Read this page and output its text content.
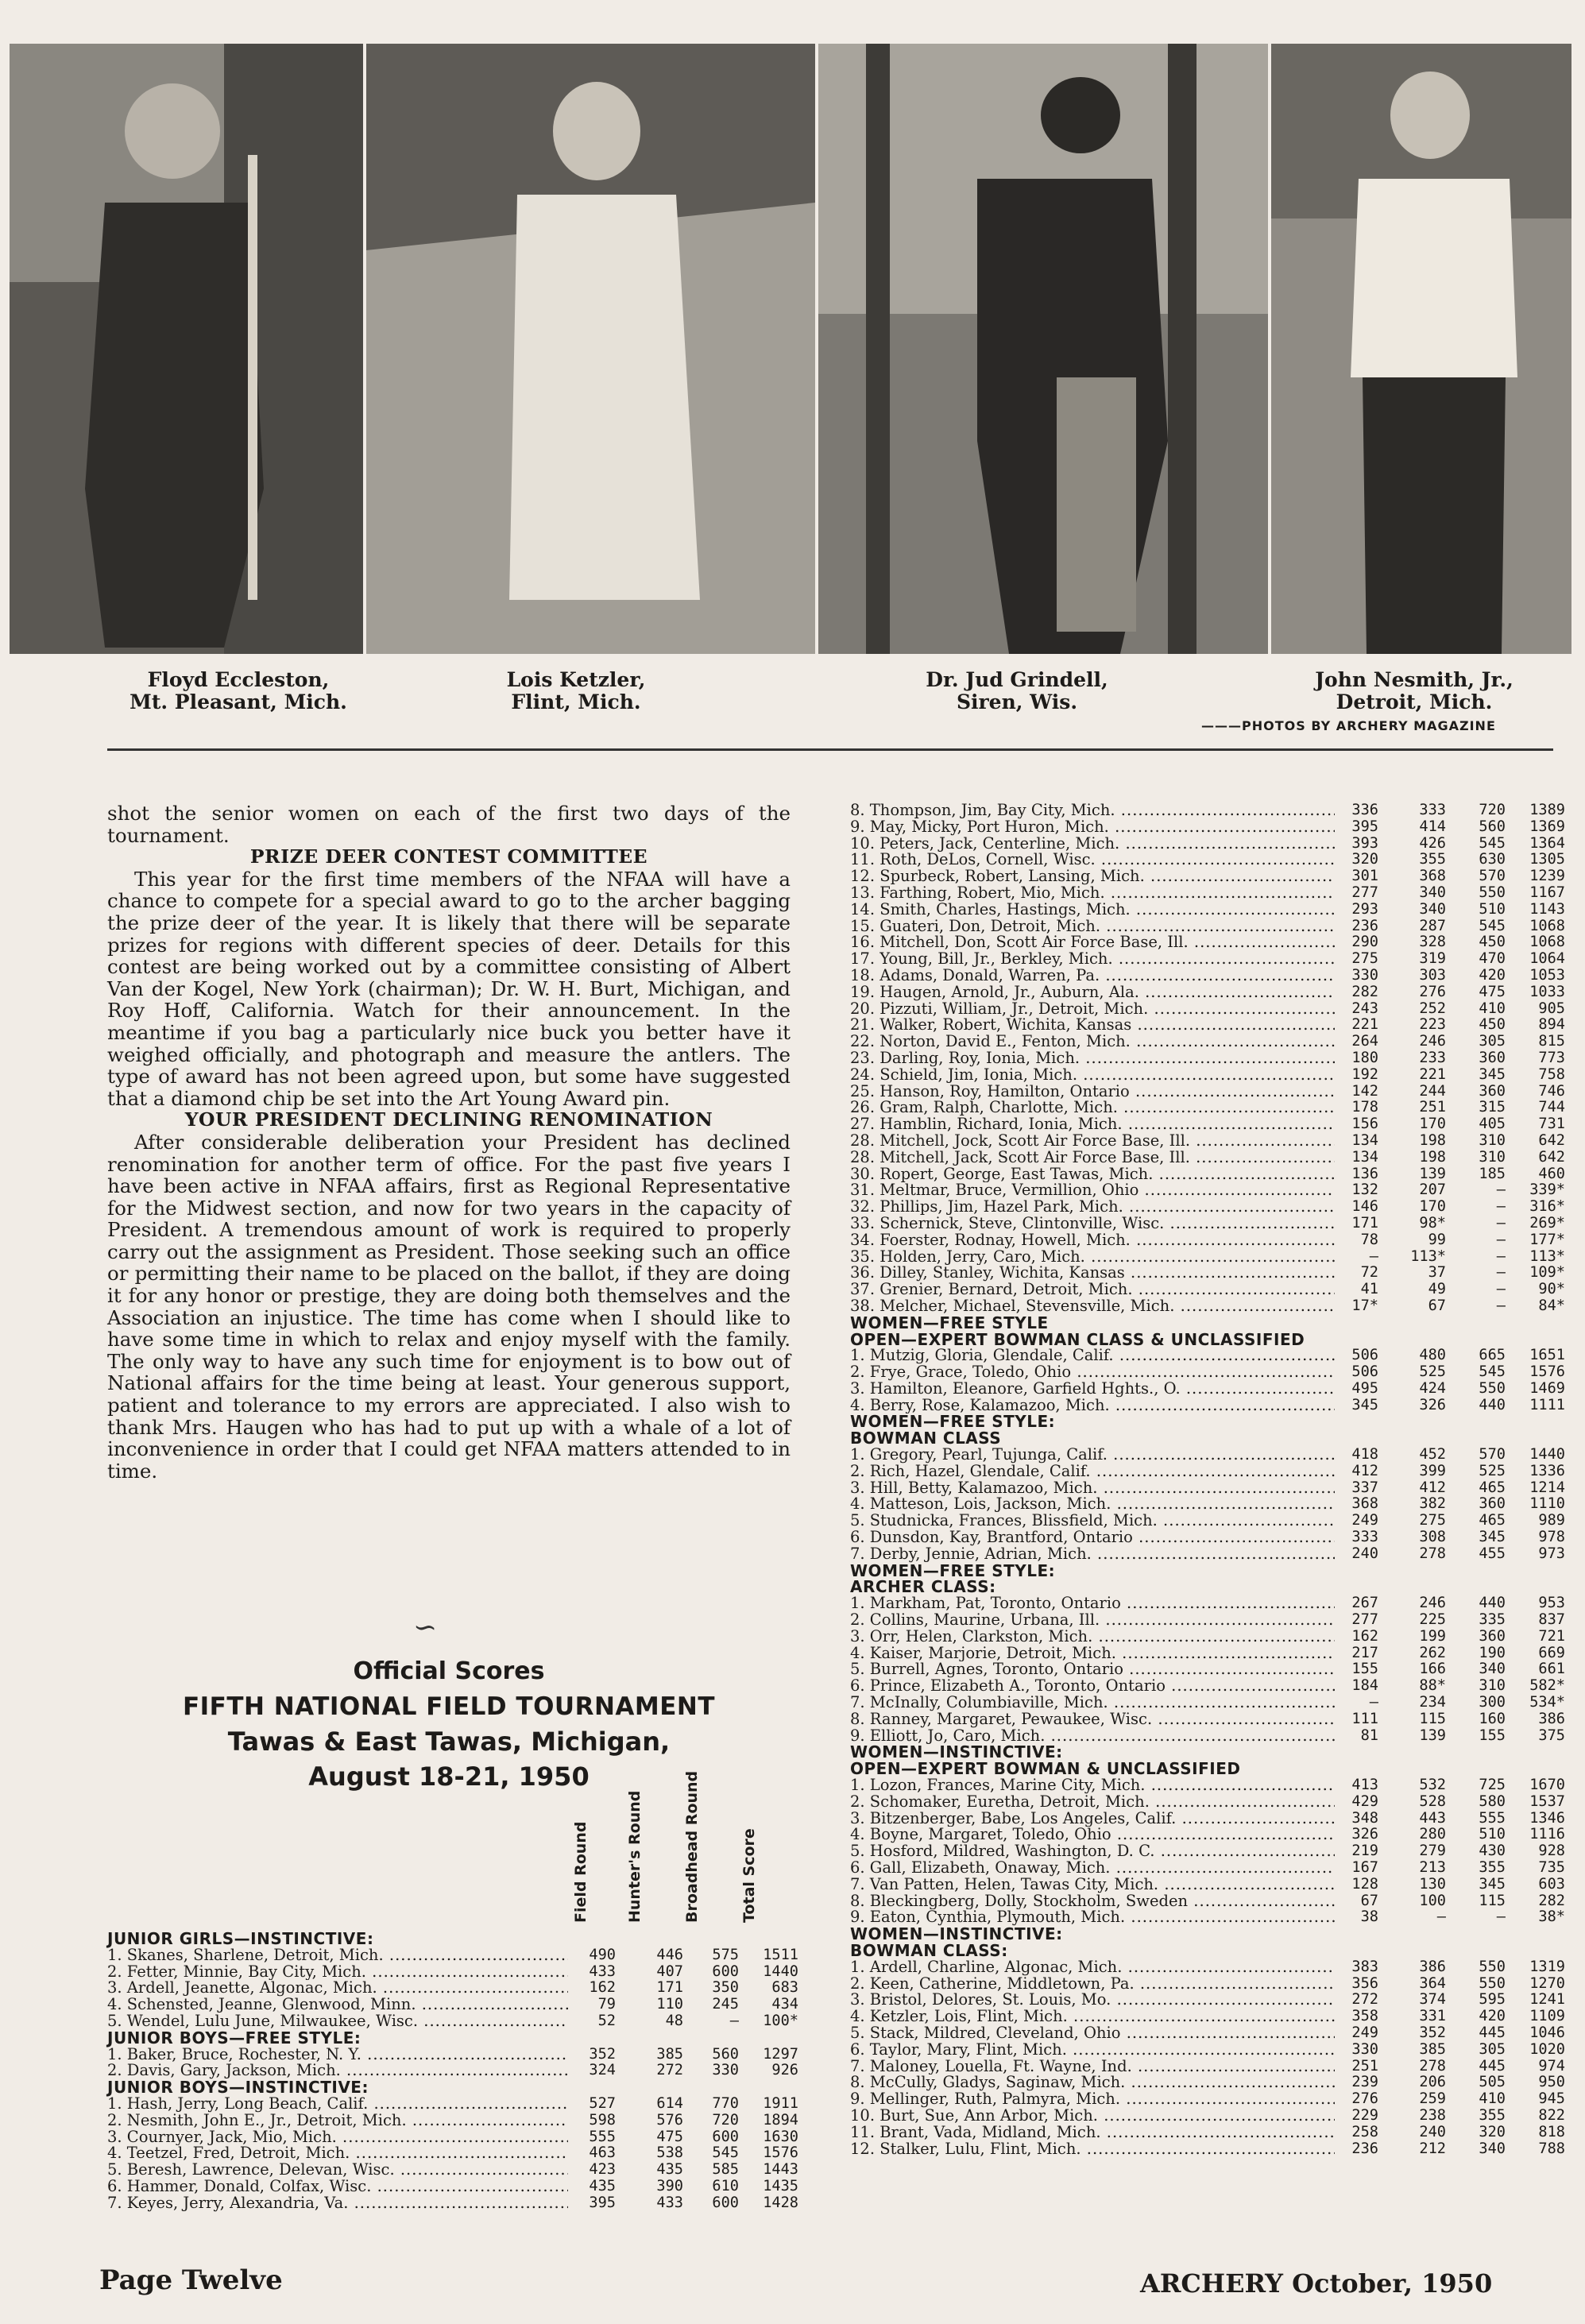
Floyd Eccleston,
Mt. Pleasant, Mich.
Lois Ketzler,
Flint, Mich.
Dr. Jud Grindell,
Siren, Wis.
John Nesmith, Jr.,
Detroit, Mich.
———PHOTOS BY ARCHERY MAGAZINE

shot the senior women on each of the first two days of the tournament.

PRIZE DEER CONTEST COMMITTEE

This year for the first time members of the NFAA will have a chance to compete for a special award to go to the archer bagging the prize deer of the year. It is likely that there will be separate prizes for regions with different species of deer. Details for this contest are being worked out by a committee consisting of Albert Van der Kogel, New York (chairman); Dr. W. H. Burt, Michigan, and Roy Hoff, California. Watch for their announcement. In the meantime if you bag a particularly nice buck you better have it weighed officially, and photograph and measure the antlers. The type of award has not been agreed upon, but some have suggested that a diamond chip be set into the Art Young Award pin.

YOUR PRESIDENT DECLINING RENOMINATION

After considerable deliberation your President has declined renomination for another term of office. For the past five years I have been active in NFAA affairs, first as Regional Representative for the Midwest section, and now for two years in the capacity of President. A tremendous amount of work is required to properly carry out the assignment as President. Those seeking such an office or permitting their name to be placed on the ballot, if they are doing it for any honor or prestige, they are doing both themselves and the Association an injustice. The time has come when I should like to have some time in which to relax and enjoy myself with the family. The only way to have any such time for enjoyment is to bow out of National affairs for the time being at least. Your generous support, patient and tolerance to my errors are appreciated. I also wish to thank Mrs. Haugen who has had to put up with a whale of a lot of inconvenience in order that I could get NFAA matters attended to in time.

∽
Official Scores
FIFTH NATIONAL FIELD TOURNAMENT
Tawas & East Tawas, Michigan,
August 18-21, 1950
Field Round Hunter's Round	Broadhead Round	Total Score
JUNIOR GIRLS—INSTINCTIVE:
1. Skanes, Sharlene, Detroit, Mich. .....	490	446	575	1511
2. Fetter, Minnie, Bay City, Mich. .....	433	407	600	1440
3. Ardell, Jeanette, Algonac, Mich. .....	162	171	350	683
4. Schensted, Jeanne, Glenwood, Minn. .....	79	110	245	434
5. Wendel, Lulu June, Milwaukee, Wisc. .....	52	48	—	100*
JUNIOR BOYS—FREE STYLE:
1. Baker, Bruce, Rochester, N. Y. .....	352	385	560	1297
2. Davis, Gary, Jackson, Mich. .....	324	272	330	926
JUNIOR BOYS—INSTINCTIVE:
1. Hash, Jerry, Long Beach, Calif. .....	527	614	770	1911
2. Nesmith, John E., Jr., Detroit, Mich. .....	598	576	720	1894
3. Cournyer, Jack, Mio, Mich. .....	555	475	600	1630
4. Teetzel, Fred, Detroit, Mich. .....	463	538	545	1576
5. Beresh, Lawrence, Delevan, Wisc. .....	423	435	585	1443
6. Hammer, Donald, Colfax, Wisc. .....	435	390	610	1435
7. Keyes, Jerry, Alexandria, Va. .....	395	433	600	1428
8. Thompson, Jim, Bay City, Mich. .....	336	333	720	1389
9. May, Micky, Port Huron, Mich. .....	395	414	560	1369
10. Peters, Jack, Centerline, Mich. .....	393	426	545	1364
11. Roth, DeLos, Cornell, Wisc. .....	320	355	630	1305
12. Spurbeck, Robert, Lansing, Mich. .....	301	368	570	1239
13. Farthing, Robert, Mio, Mich. .....	277	340	550	1167
14. Smith, Charles, Hastings, Mich. .....	293	340	510	1143
15. Guateri, Don, Detroit, Mich. .....	236	287	545	1068
16. Mitchell, Don, Scott Air Force Base, Ill. .....	290	328	450	1068
17. Young, Bill, Jr., Berkley, Mich. .....	275	319	470	1064
18. Adams, Donald, Warren, Pa. .....	330	303	420	1053
19. Haugen, Arnold, Jr., Auburn, Ala. .....	282	276	475	1033
20. Pizzuti, William, Jr., Detroit, Mich. .....	243	252	410	905
21. Walker, Robert, Wichita, Kansas .....	221	223	450	894
22. Norton, David E., Fenton, Mich. .....	264	246	305	815
23. Darling, Roy, Ionia, Mich. .....	180	233	360	773
24. Schield, Jim, Ionia, Mich. .....	192	221	345	758
25. Hanson, Roy, Hamilton, Ontario .....	142	244	360	746
26. Gram, Ralph, Charlotte, Mich. .....	178	251	315	744
27. Hamblin, Richard, Ionia, Mich. .....	156	170	405	731
28. Mitchell, Jock, Scott Air Force Base, Ill. .....	134	198	310	642
28. Mitchell, Jack, Scott Air Force Base, Ill. .....	134	198	310	642
30. Ropert, George, East Tawas, Mich. .....	136	139	185	460
31. Meltmar, Bruce, Vermillion, Ohio .....	132	207	—	339*
32. Phillips, Jim, Hazel Park, Mich. .....	146	170	—	316*
33. Schernick, Steve, Clintonville, Wisc. .....	171	98*	—	269*
34. Foerster, Rodnay, Howell, Mich. .....	78	99	—	177*
35. Holden, Jerry, Caro, Mich. .....	—	113*	—	113*
36. Dilley, Stanley, Wichita, Kansas .....	72	37	—	109*
37. Grenier, Bernard, Detroit, Mich. .....	41	49	—	90*
38. Melcher, Michael, Stevensville, Mich. .....	17*	67	—	84*
WOMEN—FREE STYLE
OPEN—EXPERT BOWMAN CLASS & UNCLASSIFIED
1. Mutzig, Gloria, Glendale, Calif. .....	506	480	665	1651
2. Frye, Grace, Toledo, Ohio .....	506	525	545	1576
3. Hamilton, Eleanore, Garfield Hghts., O. .....	495	424	550	1469
4. Berry, Rose, Kalamazoo, Mich. .....	345	326	440	1111
WOMEN—FREE STYLE:
BOWMAN CLASS
1. Gregory, Pearl, Tujunga, Calif. .....	418	452	570	1440
2. Rich, Hazel, Glendale, Calif. .....	412	399	525	1336
3. Hill, Betty, Kalamazoo, Mich. .....	337	412	465	1214
4. Matteson, Lois, Jackson, Mich. .....	368	382	360	1110
5. Studnicka, Frances, Blissfield, Mich. .....	249	275	465	989
6. Dunsdon, Kay, Brantford, Ontario .....	333	308	345	978
7. Derby, Jennie, Adrian, Mich. .....	240	278	455	973
WOMEN—FREE STYLE:
ARCHER CLASS:
1. Markham, Pat, Toronto, Ontario .....	267	246	440	953
2. Collins, Maurine, Urbana, Ill. .....	277	225	335	837
3. Orr, Helen, Clarkston, Mich. .....	162	199	360	721
4. Kaiser, Marjorie, Detroit, Mich. .....	217	262	190	669
5. Burrell, Agnes, Toronto, Ontario .....	155	166	340	661
6. Prince, Elizabeth A., Toronto, Ontario .....	184	88*	310	582*
7. McInally, Columbiaville, Mich. .....	—	234	300	534*
8. Ranney, Margaret, Pewaukee, Wisc. .....	111	115	160	386
9. Elliott, Jo, Caro, Mich. .....	81	139	155	375
WOMEN—INSTINCTIVE:
OPEN—EXPERT BOWMAN & UNCLASSIFIED
1. Lozon, Frances, Marine City, Mich. .....	413	532	725	1670
2. Schomaker, Euretha, Detroit, Mich. .....	429	528	580	1537
3. Bitzenberger, Babe, Los Angeles, Calif. .....	348	443	555	1346
4. Boyne, Margaret, Toledo, Ohio .....	326	280	510	1116
5. Hosford, Mildred, Washington, D. C. .....	219	279	430	928
6. Gall, Elizabeth, Onaway, Mich. .....	167	213	355	735
7. Van Patten, Helen, Tawas City, Mich. .....	128	130	345	603
8. Bleckingberg, Dolly, Stockholm, Sweden .....	67	100	115	282
9. Eaton, Cynthia, Plymouth, Mich. .....	38	—	—	38*
WOMEN—INSTINCTIVE:
BOWMAN CLASS:
1. Ardell, Charline, Algonac, Mich. .....	383	386	550	1319
2. Keen, Catherine, Middletown, Pa. .....	356	364	550	1270
3. Bristol, Delores, St. Louis, Mo. .....	272	374	595	1241
4. Ketzler, Lois, Flint, Mich. .....	358	331	420	1109
5. Stack, Mildred, Cleveland, Ohio .....	249	352	445	1046
6. Taylor, Mary, Flint, Mich. .....	330	385	305	1020
7. Maloney, Louella, Ft. Wayne, Ind. .....	251	278	445	974
8. McCully, Gladys, Saginaw, Mich. .....	239	206	505	950
9. Mellinger, Ruth, Palmyra, Mich. .....	276	259	410	945
10. Burt, Sue, Ann Arbor, Mich. .....	229	238	355	822
11. Brant, Vada, Midland, Mich. .....	258	240	320	818
12. Stalker, Lulu, Flint, Mich. .....	236	212	340	788
Page Twelve	ARCHERY October, 1950
